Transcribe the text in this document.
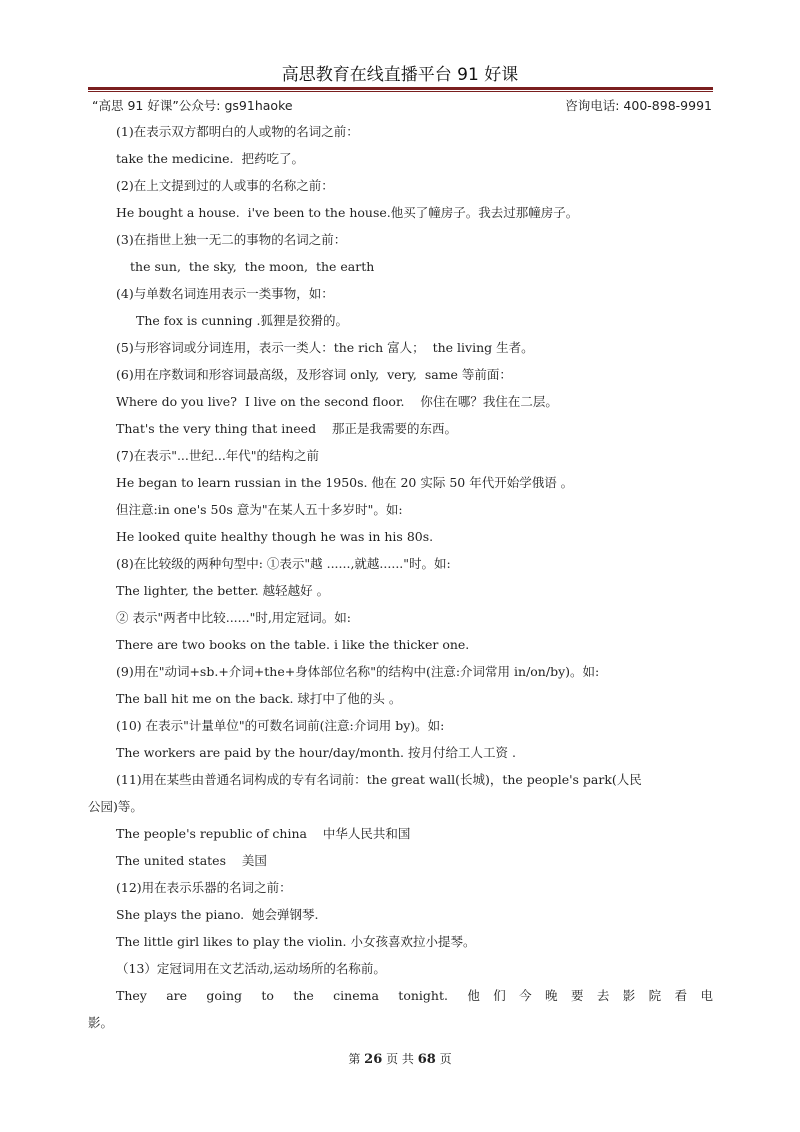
高思教育在线直播平台 91 好课
“高思 91 好课”公众号: gs91haoke	咨询电话: 400-898-9991
(1)在表示双方都明白的人或物的名词之前：
take the medicine.  把药吃了。
(2)在上文提到过的人或事的名称之前：
He bought a house.  i've been to the house.他买了幢房子。我去过那幢房子。
(3)在指世上独一无二的事物的名词之前：
the sun,  the sky,  the moon,  the earth
(4)与单数名词连用表示一类事物，如：
The fox is cunning .狐狸是狡猾的。
(5)与形容词或分词连用，表示一类人：the rich 富人；  the living 生者。
(6)用在序数词和形容词最高级，及形容词 only,  very,  same 等前面：
Where do you live?  I live on the second floor.    你住在哪？我住在二层。
That's the very thing that ineed    那正是我需要的东西。
(7)在表示"...世纪...年代"的结构之前
He began to learn russian in the 1950s. 他在 20 实际 50 年代开始学俄语 。
但注意:in one's 50s 意为"在某人五十多岁时"。如:
He looked quite healthy though he was in his 80s.
(8)在比较级的两种句型中: ①表示"越 ......,就越......"时。如:
The lighter, the better. 越轻越好 。
② 表示"两者中比较......"时,用定冠词。如:
There are two books on the table. i like the thicker one.
(9)用在"动词+sb.+介词+the+身体部位名称"的结构中(注意:介词常用 in/on/by)。如:
The ball hit me on the back. 球打中了他的头 。
(10) 在表示"计量单位"的可数名词前(注意:介词用 by)。如:
The workers are paid by the hour/day/month. 按月付给工人工资 .
(11)用在某些由普通名词构成的专有名词前：the great wall(长城)，the people's park(人民
公园)等。
The people's republic of china    中华人民共和国
The united states    美国
(12)用在表示乐器的名词之前：
She plays the piano.  她会弹钢琴.
The little girl likes to play the violin. 小女孩喜欢拉小提琴。
（13）定冠词用在文艺活动,运动场所的名称前。
They are going to the cinema tonight. 他们今晚要去影院看电
影。
第 26 页 共 68 页
